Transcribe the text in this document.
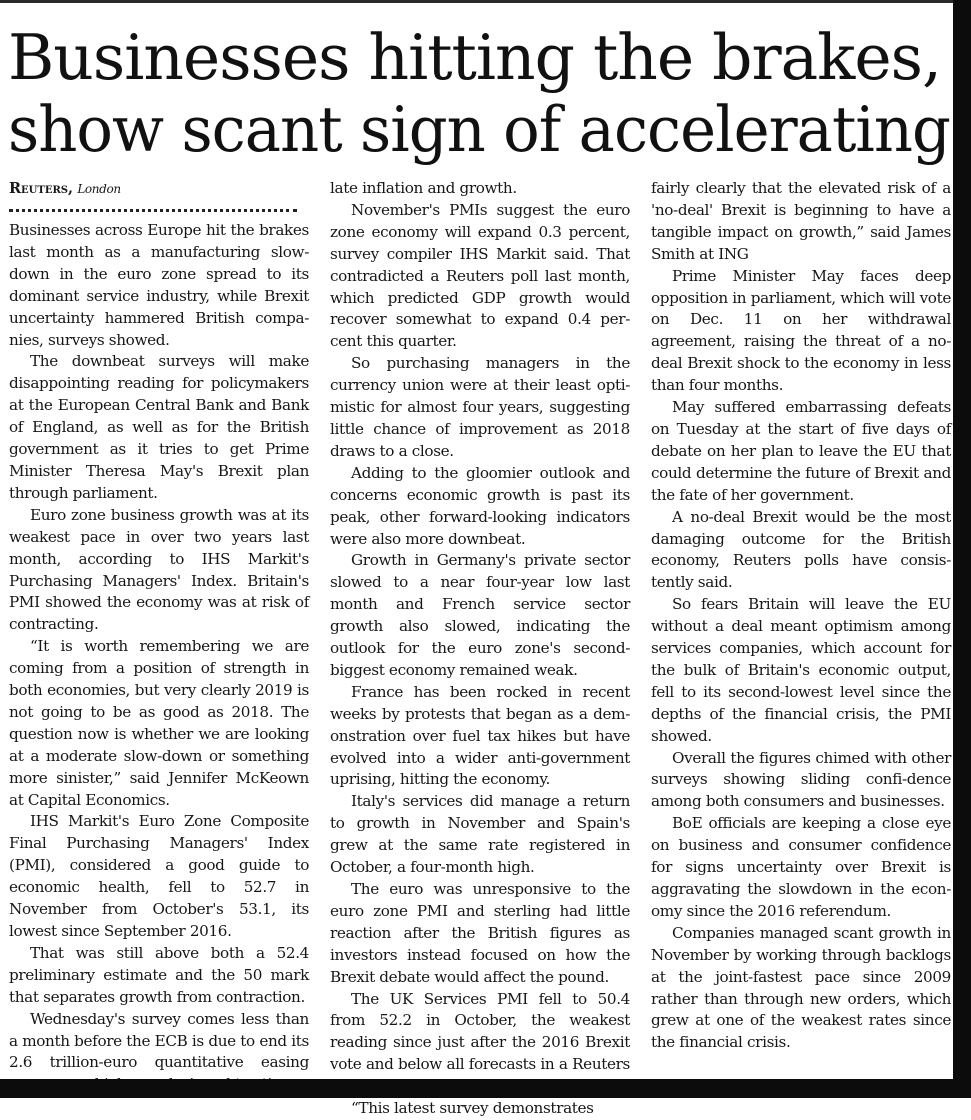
Businesses hitting the brakes,
show scant sign of accelerating
Reuters, London

Businesses across Europe hit the brakes last month as a manufacturing slow-down in the euro zone spread to its dominant service industry, while Brexit uncertainty hammered British compa-nies, surveys showed.

The downbeat surveys will make disappointing reading for policymakers at the European Central Bank and Bank of England, as well as for the British government as it tries to get Prime Minister Theresa May's Brexit plan through parliament.

Euro zone business growth was at its weakest pace in over two years last month, according to IHS Markit's Purchasing Managers' Index. Britain's PMI showed the economy was at risk of contracting.

“It is worth remembering we are coming from a position of strength in both economies, but very clearly 2019 is not going to be as good as 2018. The question now is whether we are looking at a moderate slow-down or something more sinister,” said Jennifer McKeown at Capital Economics.

IHS Markit's Euro Zone Composite Final Purchasing Managers' Index (PMI), considered a good guide to economic health, fell to 52.7 in November from October's 53.1, its lowest since September 2016.

That was still above both a 52.4 preliminary estimate and the 50 mark that separates growth from contraction.

Wednesday's survey comes less than a month before the ECB is due to end its 2.6 trillion-euro quantitative easing

late inflation and growth.

November's PMIs suggest the euro zone economy will expand 0.3 percent, survey compiler IHS Markit said. That contradicted a Reuters poll last month, which predicted GDP growth would recover somewhat to expand 0.4 per-cent this quarter.

So purchasing managers in the currency union were at their least opti-mistic for almost four years, suggesting little chance of improvement as 2018 draws to a close.

Adding to the gloomier outlook and concerns economic growth is past its peak, other forward-looking indicators were also more downbeat.

Growth in Germany's private sector slowed to a near four-year low last month and French service sector growth also slowed, indicating the outlook for the euro zone's second-biggest economy remained weak.

France has been rocked in recent weeks by protests that began as a dem-onstration over fuel tax hikes but have evolved into a wider anti-government uprising, hitting the economy.

Italy's services did manage a return to growth in November and Spain's grew at the same rate registered in October, a four-month high.

The euro was unresponsive to the euro zone PMI and sterling had little reaction after the British figures as investors instead focused on how the Brexit debate would affect the pound.

The UK Services PMI fell to 50.4 from 52.2 in October, the weakest reading since just after the 2016 Brexit vote and below all forecasts in a Reuters

“This latest survey demonstrates

fairly clearly that the elevated risk of a 'no-deal' Brexit is beginning to have a tangible impact on growth,” said James Smith at ING

Prime Minister May faces deep opposition in parliament, which will vote on Dec. 11 on her withdrawal agreement, raising the threat of a no-deal Brexit shock to the economy in less than four months.

May suffered embarrassing defeats on Tuesday at the start of five days of debate on her plan to leave the EU that could determine the future of Brexit and the fate of her government.

A no-deal Brexit would be the most damaging outcome for the British economy, Reuters polls have consis-tently said.

So fears Britain will leave the EU without a deal meant optimism among services companies, which account for the bulk of Britain's economic output, fell to its second-lowest level since the depths of the financial crisis, the PMI showed.

Overall the figures chimed with other surveys showing sliding confi-dence among both consumers and businesses.

BoE officials are keeping a close eye on business and consumer confidence for signs uncertainty over Brexit is aggravating the slowdown in the econ-omy since the 2016 referendum.

Companies managed scant growth in November by working through backlogs at the joint-fastest pace since 2009 rather than through new orders, which grew at one of the weakest rates since the financial crisis.
